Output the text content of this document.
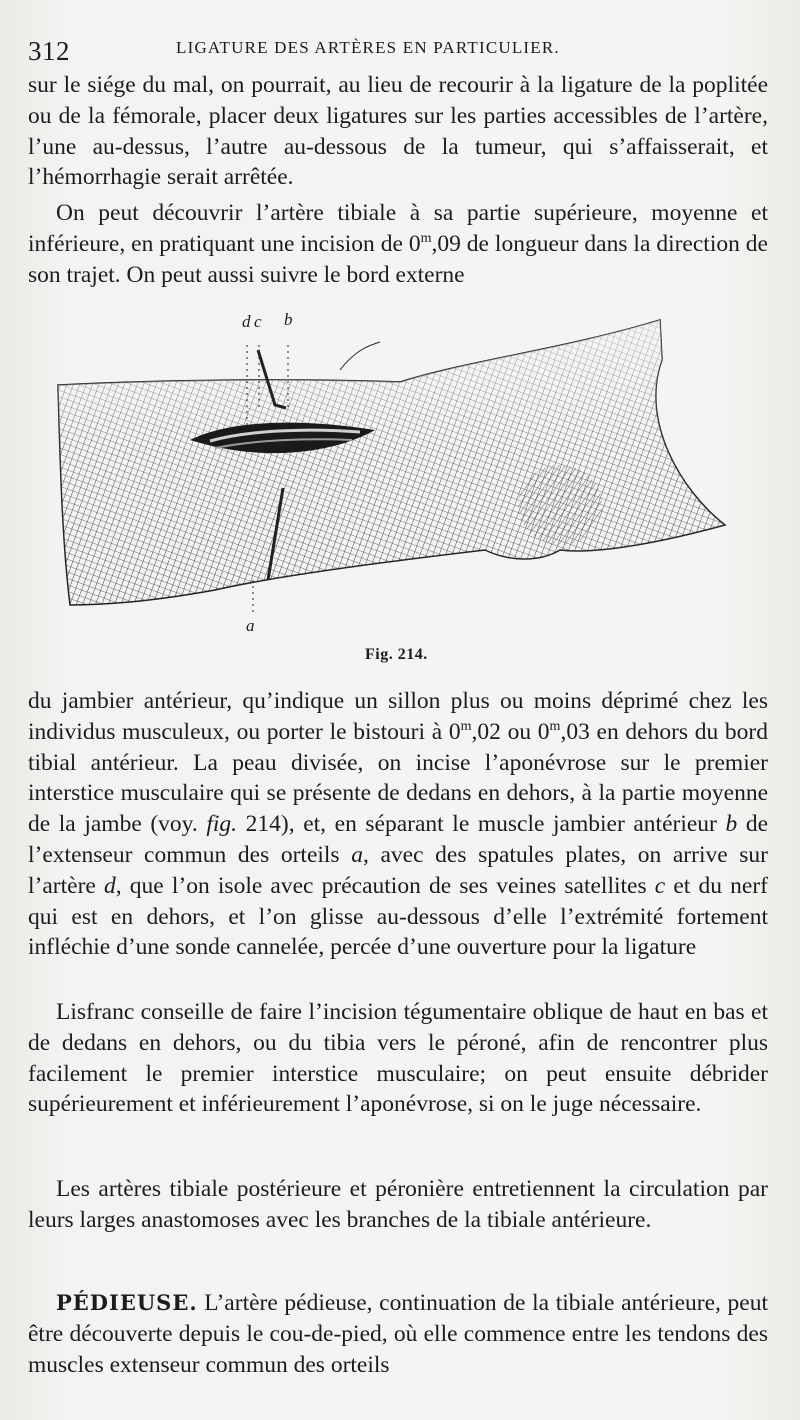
312	LIGATURE DES ARTÈRES EN PARTICULIER.

sur le siége du mal, on pourrait, au lieu de recourir à la ligature de la poplitée ou de la fémorale, placer deux ligatures sur les parties accessibles de l’artère, l’une au-dessus, l’autre au-dessous de la tumeur, qui s’affaisserait, et l’hémorrhagie serait arrêtée.

On peut découvrir l’artère tibiale à sa partie supérieure, moyenne et inférieure, en pratiquant une incision de 0$^m$,09 de longueur dans la direction de son trajet. On peut aussi suivre le bord externe

d c b
a
Fig. 214.

du jambier antérieur, qu’indique un sillon plus ou moins déprimé chez les individus musculeux, ou porter le bistouri à 0$^m$,02 ou 0$^m$,03 en dehors du bord tibial antérieur. La peau divisée, on incise l’aponévrose sur le premier interstice musculaire qui se présente de dedans en dehors, à la partie moyenne de la jambe (voy. fig. 214), et, en séparant le muscle jambier antérieur b de l’extenseur commun des orteils a, avec des spatules plates, on arrive sur l’artère d, que l’on isole avec précaution de ses veines satellites c et du nerf qui est en dehors, et l’on glisse au-dessous d’elle l’extrémité fortement infléchie d’une sonde cannelée, percée d’une ouverture pour la ligature

Lisfranc conseille de faire l’incision tégumentaire oblique de haut en bas et de dedans en dehors, ou du tibia vers le péroné, afin de rencontrer plus facilement le premier interstice musculaire; on peut ensuite débrider supérieurement et inférieurement l’aponévrose, si on le juge nécessaire.

Les artères tibiale postérieure et péronière entretiennent la circulation par leurs larges anastomoses avec les branches de la tibiale antérieure.

PÉDIEUSE. L’artère pédieuse, continuation de la tibiale antérieure, peut être découverte depuis le cou-de-pied, où elle commence entre les tendons des muscles extenseur commun des orteils
